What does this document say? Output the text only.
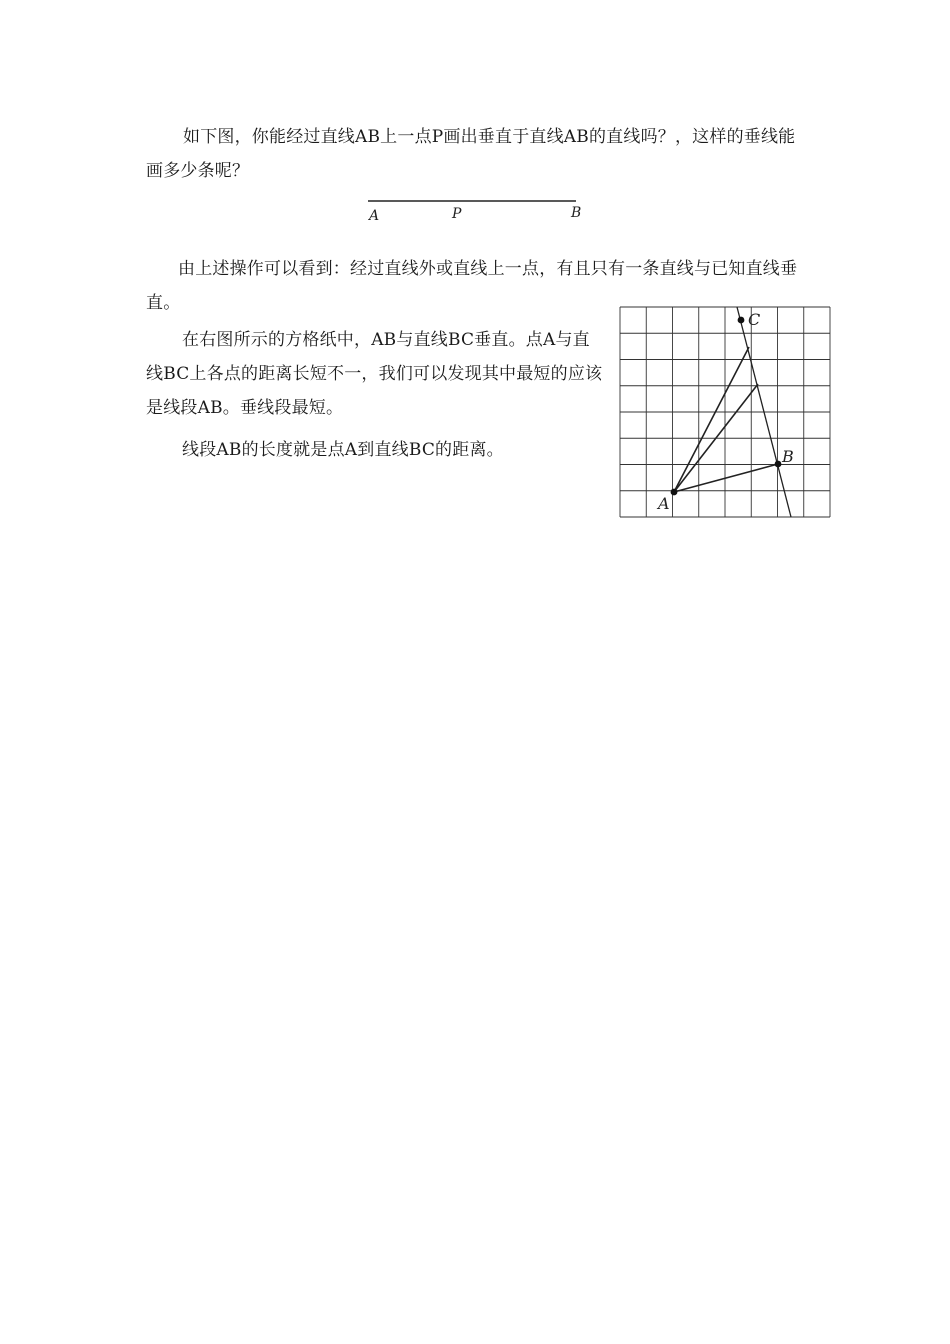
如下图，你能经过直线AB上一点P画出垂直于直线AB的直线吗？，这样的垂线能画多少条呢？

A	P	B

由上述操作可以看到：经过直线外或直线上一点，有且只有一条直线与已知直线垂直。

在右图所示的方格纸中，AB与直线BC垂直。点A与直线BC上各点的距离长短不一，我们可以发现其中最短的应该是线段AB。垂线段最短。

线段AB的长度就是点A到直线BC的距离。

A
B
C
